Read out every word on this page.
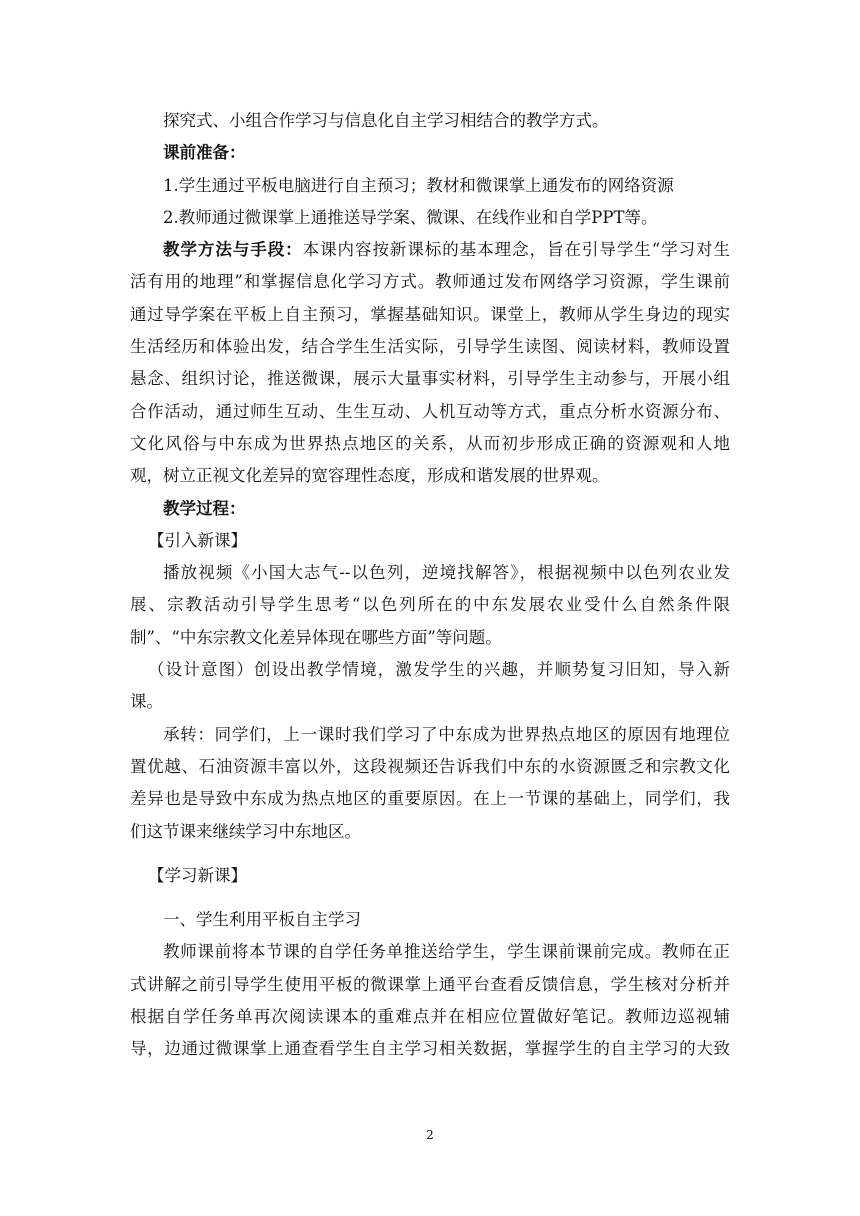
探究式、小组合作学习与信息化自主学习相结合的教学方式。
课前准备：
1.学生通过平板电脑进行自主预习；教材和微课掌上通发布的网络资源
2.教师通过微课掌上通推送导学案、微课、在线作业和自学PPT等。
教学方法与手段：本课内容按新课标的基本理念，旨在引导学生“学习对生
活有用的地理”和掌握信息化学习方式。教师通过发布网络学习资源，学生课前
通过导学案在平板上自主预习，掌握基础知识。课堂上，教师从学生身边的现实
生活经历和体验出发，结合学生生活实际，引导学生读图、阅读材料，教师设置
悬念、组织讨论，推送微课，展示大量事实材料，引导学生主动参与，开展小组
合作活动，通过师生互动、生生互动、人机互动等方式，重点分析水资源分布、
文化风俗与中东成为世界热点地区的关系，从而初步形成正确的资源观和人地
观，树立正视文化差异的宽容理性态度，形成和谐发展的世界观。
教学过程：
【引入新课】
播放视频《小国大志气--以色列，逆境找解答》，根据视频中以色列农业发
展、宗教活动引导学生思考“以色列所在的中东发展农业受什么自然条件限
制”、“中东宗教文化差异体现在哪些方面”等问题。
（设计意图）创设出教学情境，激发学生的兴趣，并顺势复习旧知，导入新
课。
承转：同学们，上一课时我们学习了中东成为世界热点地区的原因有地理位
置优越、石油资源丰富以外，这段视频还告诉我们中东的水资源匮乏和宗教文化
差异也是导致中东成为热点地区的重要原因。在上一节课的基础上，同学们，我
们这节课来继续学习中东地区。
【学习新课】
一、学生利用平板自主学习
教师课前将本节课的自学任务单推送给学生，学生课前课前完成。教师在正
式讲解之前引导学生使用平板的微课掌上通平台查看反馈信息，学生核对分析并
根据自学任务单再次阅读课本的重难点并在相应位置做好笔记。教师边巡视辅
导，边通过微课掌上通查看学生自主学习相关数据，掌握学生的自主学习的大致
2
